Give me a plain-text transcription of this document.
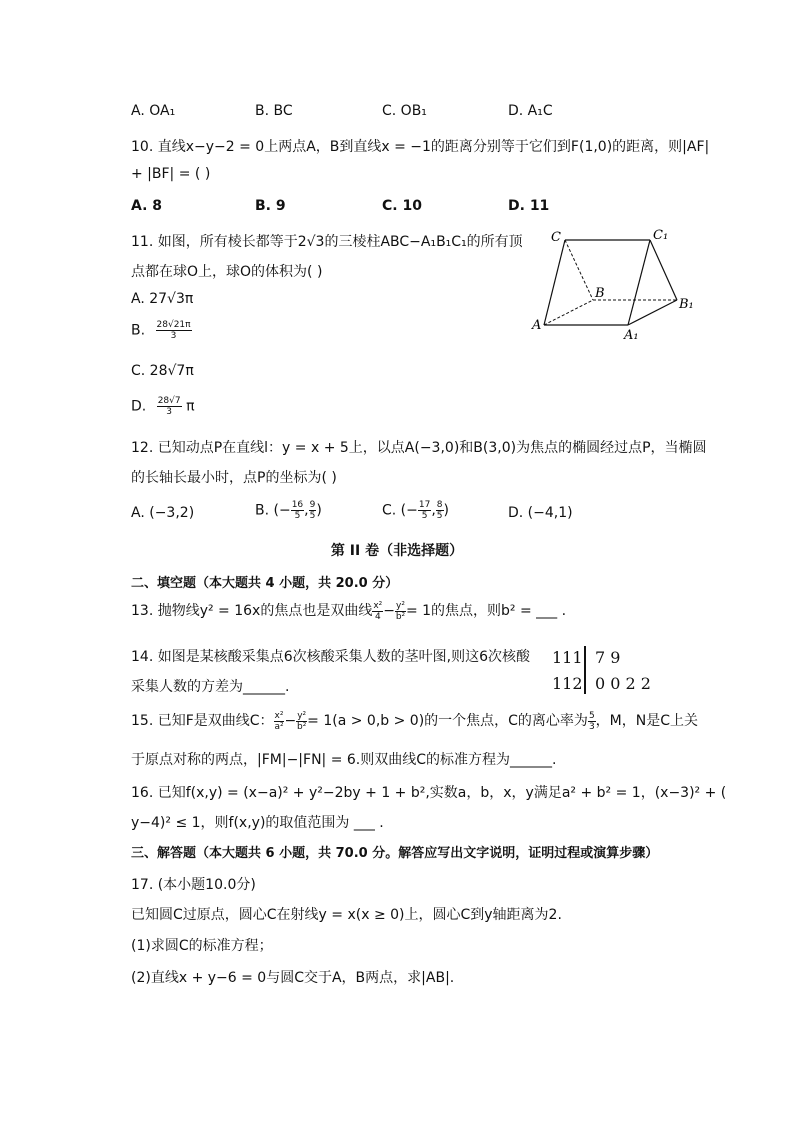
A. OA₁	B. BC	C. OB₁	D. A₁C
10. 直线x−y−2 = 0上两点A，B到直线x = −1的距离分别等于它们到F(1,0)的距离，则|AF|
+ |BF| = ( )
A. 8	B. 9	C. 10	D. 11
11. 如图，所有棱长都等于2√3的三棱柱ABC−A₁B₁C₁的所有顶
点都在球O上，球O的体积为( )
A. 27√3π
B. $\frac{28√21\pi}{3}$
C. 28√7π
D. $\frac{28√7}{3}$ π
C	C₁
B
B₁
A
A₁
12. 已知动点P在直线l：y = x + 5上，以点A(−3,0)和B(3,0)为焦点的椭圆经过点P，当椭圆
的长轴长最小时，点P的坐标为( )
A. (−3,2)	B. (− $\frac{16}{5}$ , $\frac{9}{5}$ )	C. (− $\frac{17}{5}$ , $\frac{8}{5}$ )	D. (−4,1)
第 II 卷（非选择题）
二、填空题（本大题共 4 小题，共 20.0 分）
13. 抛物线y² = 16x的焦点也是双曲线 $\frac{\text{x²}}{4} - \frac{\text{y²}}{\text{b²}} = 1$的焦点，则b² = ___ .
14. 如图是某核酸采集点6次核酸采集人数的茎叶图,则这6次核酸
采集人数的方差为______.
111 7 9
112 0 0 2 2
15. 已知F是双曲线C： $\frac{\text{x²}}{\text{a²}} - \frac{\text{y²}}{\text{b²}} = 1(a > 0,b > 0)$的一个焦点，C的离心率为 $\frac{5}{3}$ ，M，N是C上关
于原点对称的两点，|FM|−|FN| = 6.则双曲线C的标准方程为______.
16. 已知f(x,y) = (x−a)² + y²−2by + 1 + b²,实数a，b，x，y满足a² + b² = 1，(x−3)² + (
y−4)² ≤ 1，则f(x,y)的取值范围为 ___ .
三、解答题（本大题共 6 小题，共 70.0 分。解答应写出文字说明，证明过程或演算步骤）
17. (本小题10.0分)
已知圆C过原点，圆心C在射线y = x(x ≥ 0)上，圆心C到y轴距离为2.
(1)求圆C的标准方程；
(2)直线x + y−6 = 0与圆C交于A，B两点，求|AB|.
